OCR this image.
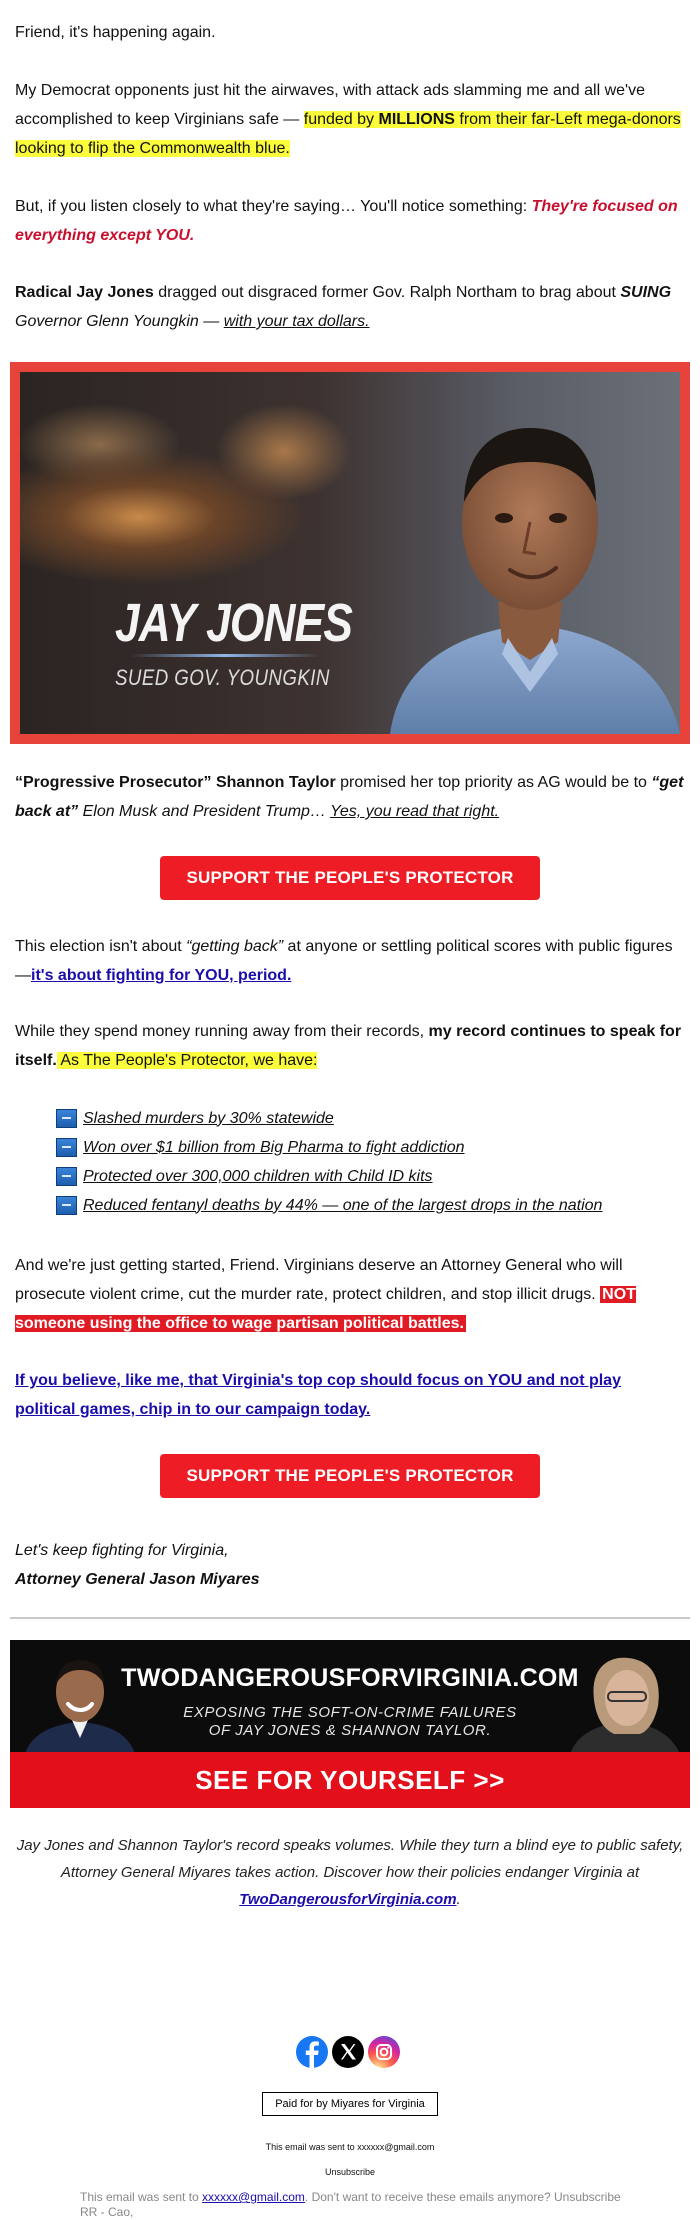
Friend, it's happening again.

My Democrat opponents just hit the airwaves, with attack ads slamming me and all we've accomplished to keep Virginians safe — funded by MILLIONS from their far-Left mega-donors looking to flip the Commonwealth blue.

But, if you listen closely to what they're saying… You'll notice something: They're focused on everything except YOU.

Radical Jay Jones dragged out disgraced former Gov. Ralph Northam to brag about SUING
Governor Glenn Youngkin — with your tax dollars.

JAY JONES
SUED GOV. YOUNGKIN

“Progressive Prosecutor” Shannon Taylor promised her top priority as AG would be to “get back at” Elon Musk and President Trump… Yes, you read that right.

SUPPORT THE PEOPLE'S PROTECTOR

This election isn't about “getting back” at anyone or settling political scores with public figures —it's about fighting for YOU, period.

While they spend money running away from their records, my record continues to speak for itself. As The People's Protector, we have:

Slashed murders by 30% statewide
Won over $1 billion from Big Pharma to fight addiction
Protected over 300,000 children with Child ID kits
Reduced fentanyl deaths by 44% — one of the largest drops in the nation

And we're just getting started, Friend. Virginians deserve an Attorney General who will prosecute violent crime, cut the murder rate, protect children, and stop illicit drugs. NOT someone using the office to wage partisan political battles.

If you believe, like me, that Virginia's top cop should focus on YOU and not play political games, chip in to our campaign today.

SUPPORT THE PEOPLE'S PROTECTOR

Let's keep fighting for Virginia,
Attorney General Jason Miyares

TWODANGEROUSFORVIRGINIA.COM
EXPOSING THE SOFT-ON-CRIME FAILURES
OF JAY JONES & SHANNON TAYLOR.
SEE FOR YOURSELF >>

Jay Jones and Shannon Taylor's record speaks volumes. While they turn a blind eye to public safety, Attorney General Miyares takes action. Discover how their policies endanger Virginia at TwoDangerousforVirginia.com.

Paid for by Miyares for Virginia
This email was sent to xxxxxx@gmail.com
Unsubscribe
This email was sent to xxxxxx@gmail.com. Don't want to receive these emails anymore? Unsubscribe
RR - Cao,
